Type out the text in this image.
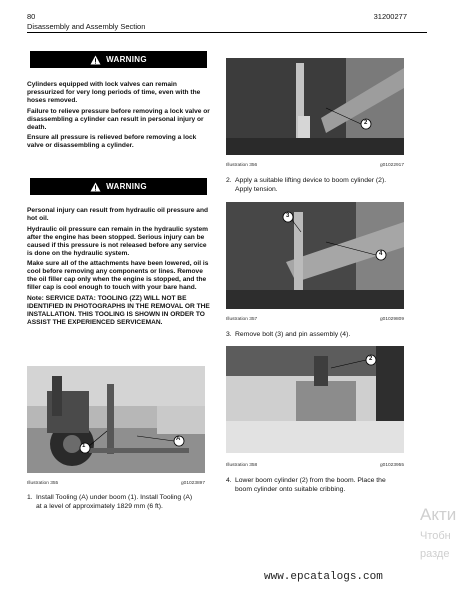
80
Disassembly and Assembly Section
31200277
WARNING

Cylinders equipped with lock valves can remain pressurized for very long periods of time, even with the hoses removed.

Failure to relieve pressure before removing a lock valve or disassembling a cylinder can result in personal injury or death.

Ensure all pressure is relieved before removing a lock valve or disassembling a cylinder.

WARNING

Personal injury can result from hydraulic oil pressure and hot oil.

Hydraulic oil pressure can remain in the hydraulic system after the engine has been stopped. Serious injury can be caused if this pressure is not released before any service is done on the hydraulic system.

Make sure all of the attachments have been lowered, oil is cool before removing any components or lines. Remove the oil filler cap only when the engine is stopped, and the filler cap is cool enough to touch with your bare hand.

Note: SERVICE DATA: TOOLING (ZZ) WILL NOT BE IDENTIFIED IN PHOTOGRAPHS IN THE REMOVAL OR THE INSTALLATION. THIS TOOLING IS SHOWN IN ORDER TO ASSIST THE EXPERIENCED SERVICEMAN.

1
A
Illustration 355	g01023897
1. Install Tooling (A) under boom (1). Install Tooling (A)
at a level of approximately 1829 mm (6 ft).
2
Illustration 356	g01022917
2. Apply a suitable lifting device to boom cylinder (2).
Apply tension.
3
4
Illustration 357	g01029809
3. Remove bolt (3) and pin assembly (4).
2
Illustration 358	g01023955
4. Lower boom cylinder (2) from the boom. Place the
boom cylinder onto suitable cribbing.
Акти
Чтобн
разде
www.epcatalogs.com
